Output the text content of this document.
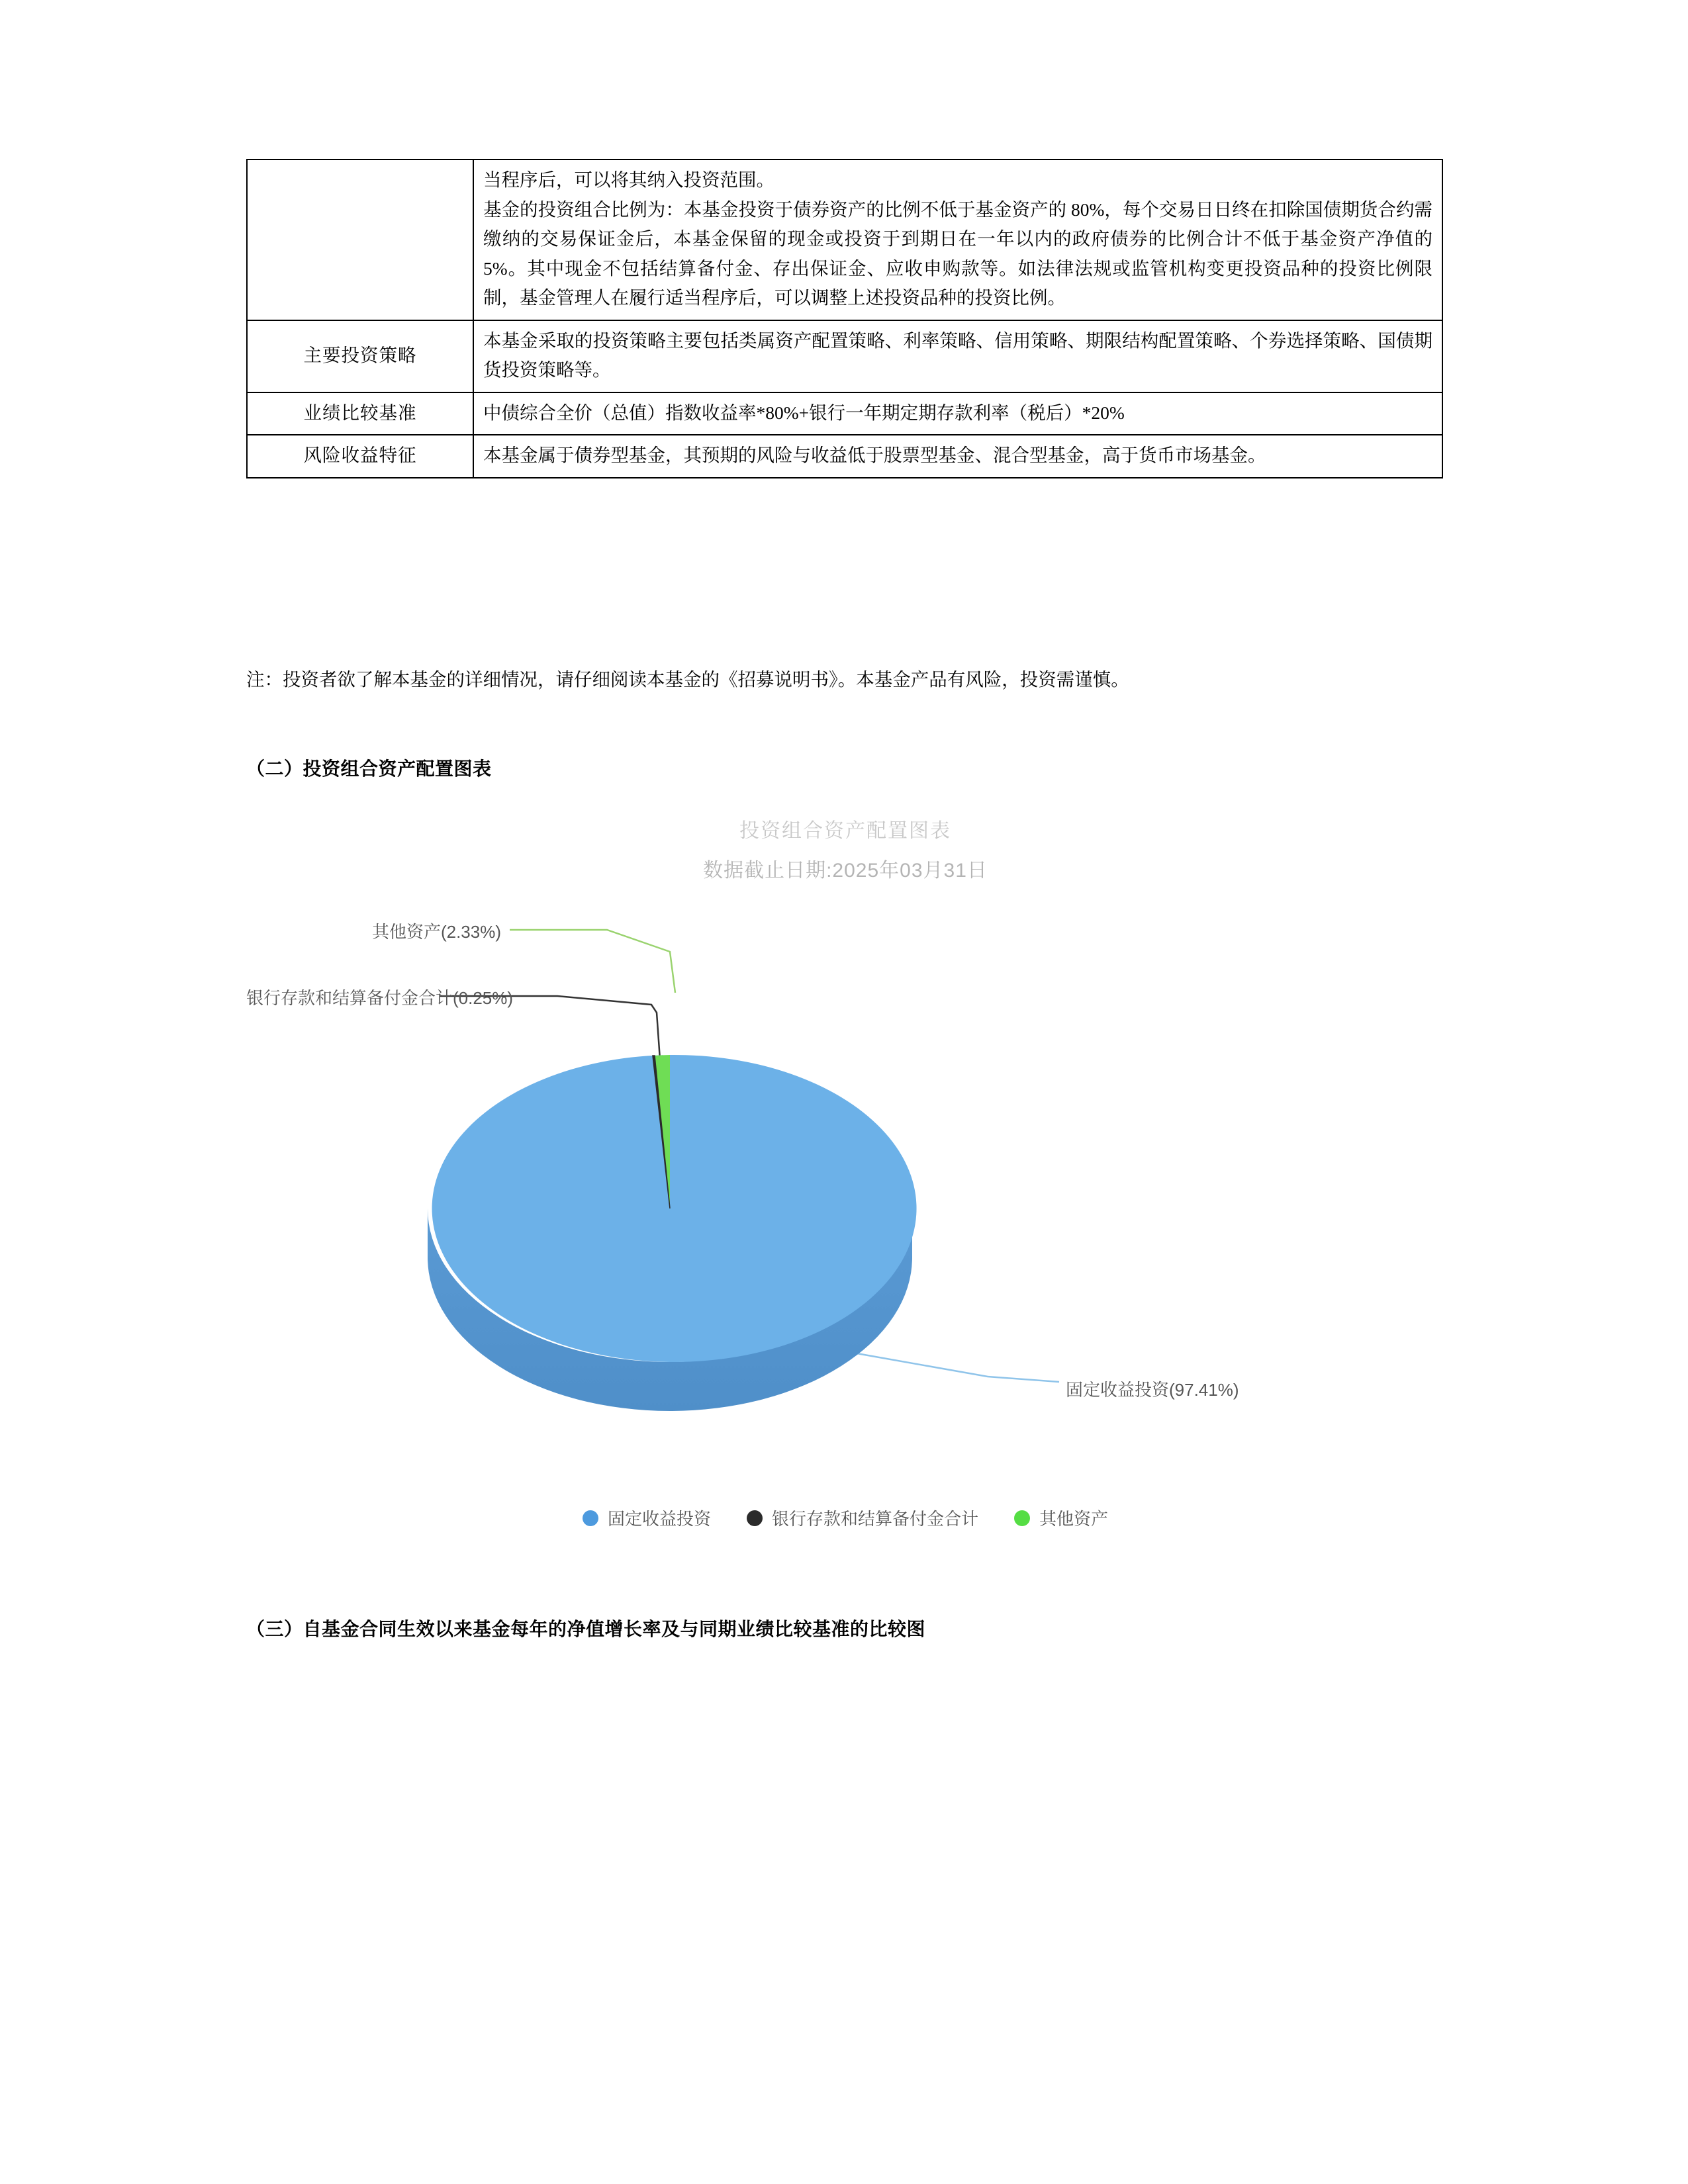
	当程序后，可以将其纳入投资范围。

基金的投资组合比例为：本基金投资于债券资产的比例不低于基金资产的 80%，每个交易日日终在扣除国债期货合约需缴纳的交易保证金后，本基金保留的现金或投资于到期日在一年以内的政府债券的比例合计不低于基金资产净值的 5%。其中现金不包括结算备付金、存出保证金、应收申购款等。如法律法规或监管机构变更投资品种的投资比例限制，基金管理人在履行适当程序后，可以调整上述投资品种的投资比例。

主要投资策略	本基金采取的投资策略主要包括类属资产配置策略、利率策略、信用策略、期限结构配置策略、个券选择策略、国债期货投资策略等。

业绩比较基准	中债综合全价（总值）指数收益率*80%+银行一年期定期存款利率（税后）*20%

风险收益特征	本基金属于债券型基金，其预期的风险与收益低于股票型基金、混合型基金，高于货币市场基金。

注：投资者欲了解本基金的详细情况，请仔细阅读本基金的《招募说明书》。本基金产品有风险，投资需谨慎。

（二）投资组合资产配置图表
投资组合资产配置图表
数据截止日期:2025年03月31日
其他资产(2.33%)
银行存款和结算备付金合计(0.25%)
固定收益投资(97.41%)
固定收益投资	银行存款和结算备付金合计	其他资产
（三）自基金合同生效以来基金每年的净值增长率及与同期业绩比较基准的比较图
